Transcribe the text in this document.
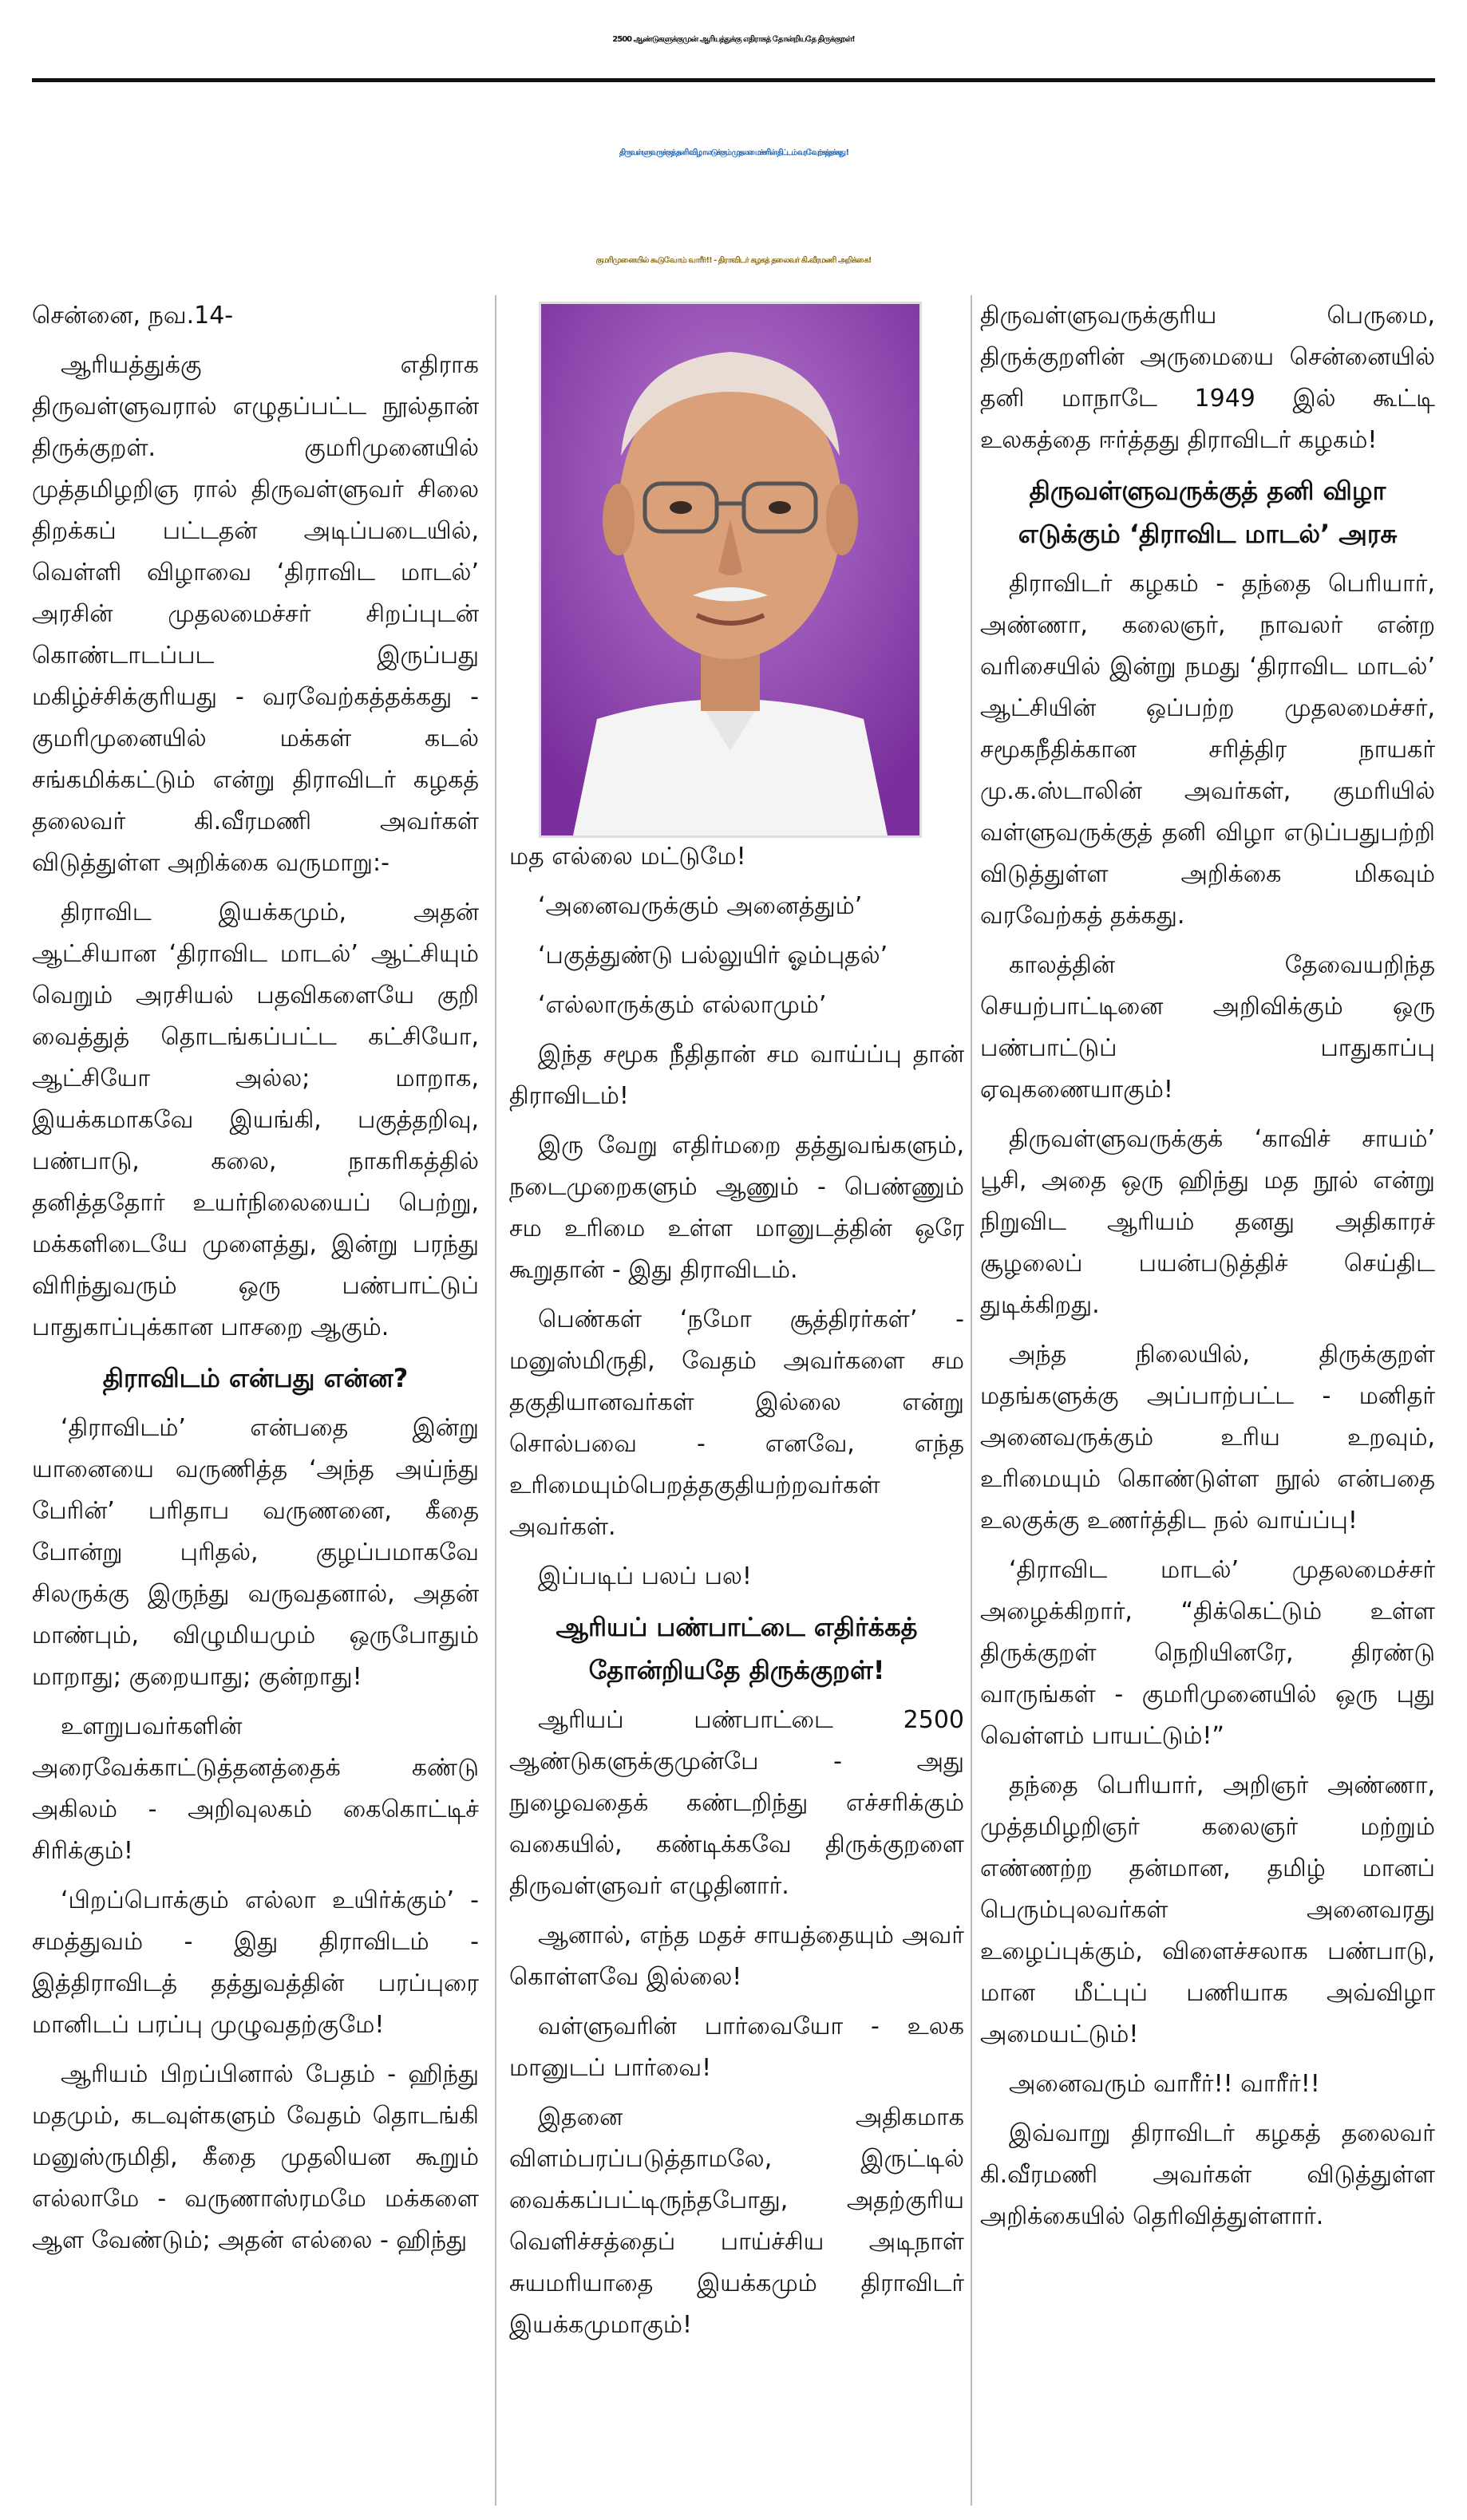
2500 ஆண்டுகளுக்குமுன் ஆரியத்துக்கு எதிராகத் தோன்றியதே திருக்குறள்!
திருவள்ளுவருக்குத் தனி விழா எடுக்கும் முதலமைச்சரின் திட்டம் வரவேற்கத்தக்கது !
குமரிமுனையில் கூடுவோம் வாரீர்!! - திராவிடர் கழகத் தலைவர் கி.வீரமணி அறிக்கை!

சென்னை, நவ.14-

ஆரியத்துக்கு எதிராக திருவள்ளுவரால் எழுதப்பட்ட நூல்தான் திருக்குறள். குமரிமுனையில் முத்தமிழறிஞ ரால் திருவள்ளுவர் சிலை திறக்கப் பட்டதன் அடிப்படையில், வெள்ளி விழாவை ‘திராவிட மாடல்’ அரசின் முதலமைச்சர் சிறப்புடன் கொண்டாடப்பட இருப்பது மகிழ்ச்சிக்குரியது - வரவேற்கத்தக்கது - குமரிமுனையில் மக்கள் கடல் சங்கமிக்கட்டும் என்று திராவிடர் கழகத் தலைவர் கி.வீரமணி அவர்கள் விடுத்துள்ள அறிக்கை வருமாறு:-

திராவிட இயக்கமும், அதன் ஆட்சியான ‘திராவிட மாடல்’ ஆட்சியும் வெறும் அரசியல் பதவிகளையே குறி வைத்துத் தொடங்கப்பட்ட கட்சியோ, ஆட்சியோ அல்ல; மாறாக, இயக்கமாகவே இயங்கி, பகுத்தறிவு, பண்பாடு, கலை, நாகரிகத்தில் தனித்ததோர் உயர்நிலையைப் பெற்று, மக்களிடையே முளைத்து, இன்று பரந்து விரிந்துவரும் ஒரு பண்பாட்டுப் பாதுகாப்புக்கான பாசறை ஆகும்.

திராவிடம் என்பது என்ன?

‘திராவிடம்’ என்பதை இன்று யானையை வருணித்த ‘அந்த அய்ந்து பேரின்’ பரிதாப வருணனை, கீதை போன்று புரிதல், குழப்பமாகவே சிலருக்கு இருந்து வருவதனால், அதன் மாண்பும், விழுமியமும் ஒருபோதும் மாறாது; குறையாது; குன்றாது!

உளறுபவர்களின் அரைவேக்காட்டுத்தனத்தைக் கண்டு அகிலம் - அறிவுலகம் கைகொட்டிச் சிரிக்கும்!

‘பிறப்பொக்கும் எல்லா உயிர்க்கும்’ - சமத்துவம் - இது திராவிடம் - இத்திராவிடத் தத்துவத்தின் பரப்புரை மானிடப் பரப்பு முழுவதற்குமே!

ஆரியம் பிறப்பினால் பேதம் - ஹிந்து மதமும், கடவுள்களும் வேதம் தொடங்கி மனுஸ்ருமிதி, கீதை முதலியன கூறும் எல்லாமே - வருணாஸ்ரமமே மக்களை ஆள வேண்டும்; அதன் எல்லை - ஹிந்து

மத எல்லை மட்டுமே!

‘அனைவருக்கும் அனைத்தும்’

‘பகுத்துண்டு பல்லுயிர் ஓம்புதல்’

‘எல்லாருக்கும் எல்லாமும்’

இந்த சமூக நீதிதான் சம வாய்ப்பு தான் திராவிடம்!

இரு வேறு எதிர்மறை தத்துவங்களும், நடைமுறைகளும் ஆணும் - பெண்ணும் சம உரிமை உள்ள மானுடத்தின் ஒரே கூறுதான் - இது திராவிடம்.

பெண்கள் ‘நமோ சூத்திரர்கள்’ - மனுஸ்மிருதி, வேதம் அவர்களை சம தகுதியானவர்கள் இல்லை என்று சொல்பவை - எனவே, எந்த உரிமையும்பெறத்தகுதியற்றவர்கள் அவர்கள்.

இப்படிப் பலப் பல!

ஆரியப் பண்பாட்டை எதிர்க்கத் தோன்றியதே திருக்குறள்!

ஆரியப் பண்பாட்டை 2500 ஆண்டுகளுக்குமுன்பே - அது நுழைவதைக் கண்டறிந்து எச்சரிக்கும் வகையில், கண்டிக்கவே திருக்குறளை திருவள்ளுவர் எழுதினார்.

ஆனால், எந்த மதச் சாயத்தையும் அவர் கொள்ளவே இல்லை!

வள்ளுவரின் பார்வையோ - உலக மானுடப் பார்வை!

இதனை அதிகமாக விளம்பரப்படுத்தாமலே, இருட்டில் வைக்கப்பட்டிருந்தபோது, அதற்குரிய வெளிச்சத்தைப் பாய்ச்சிய அடிநாள் சுயமரியாதை இயக்கமும் திராவிடர் இயக்கமுமாகும்!

திருவள்ளுவருக்குரிய பெருமை, திருக்குறளின் அருமையை சென்னையில் தனி மாநாடே 1949 இல் கூட்டி உலகத்தை ஈர்த்தது திராவிடர் கழகம்!

திருவள்ளுவருக்குத் தனி விழா எடுக்கும் ‘திராவிட மாடல்’ அரசு

திராவிடர் கழகம் - தந்தை பெரியார், அண்ணா, கலைஞர், நாவலர் என்ற வரிசையில் இன்று நமது ‘திராவிட மாடல்’ ஆட்சியின் ஒப்பற்ற முதலமைச்சர், சமூகநீதிக்கான சரித்திர நாயகர் மு.க.ஸ்டாலின் அவர்கள், குமரியில் வள்ளுவருக்குத் தனி விழா எடுப்பதுபற்றி விடுத்துள்ள அறிக்கை மிகவும் வரவேற்கத் தக்கது.

காலத்தின் தேவையறிந்த செயற்பாட்டினை அறிவிக்கும் ஒரு பண்பாட்டுப் பாதுகாப்பு ஏவுகணையாகும்!

திருவள்ளுவருக்குக் ‘காவிச் சாயம்’ பூசி, அதை ஒரு ஹிந்து மத நூல் என்று நிறுவிட ஆரியம் தனது அதிகாரச் சூழலைப் பயன்படுத்திச் செய்திட துடிக்கிறது.

அந்த நிலையில், திருக்குறள் மதங்களுக்கு அப்பாற்பட்ட - மனிதர் அனைவருக்கும் உரிய உறவும், உரிமையும் கொண்டுள்ள நூல் என்பதை உலகுக்கு உணர்த்திட நல் வாய்ப்பு!

‘திராவிட மாடல்’ முதலமைச்சர் அழைக்கிறார், “திக்கெட்டும் உள்ள திருக்குறள் நெறியினரே, திரண்டு வாருங்கள் - குமரிமுனையில் ஒரு புது வெள்ளம் பாயட்டும்!”

தந்தை பெரியார், அறிஞர் அண்ணா, முத்தமிழறிஞர் கலைஞர் மற்றும் எண்ணற்ற தன்மான, தமிழ் மானப் பெரும்புலவர்கள் அனைவரது உழைப்புக்கும், விளைச்சலாக பண்பாடு, மான மீட்புப் பணியாக அவ்விழா அமையட்டும்!

அனைவரும் வாரீர்!! வாரீர்!!

இவ்வாறு திராவிடர் கழகத் தலைவர் கி.வீரமணி அவர்கள் விடுத்துள்ள அறிக்கையில் தெரிவித்துள்ளார்.
